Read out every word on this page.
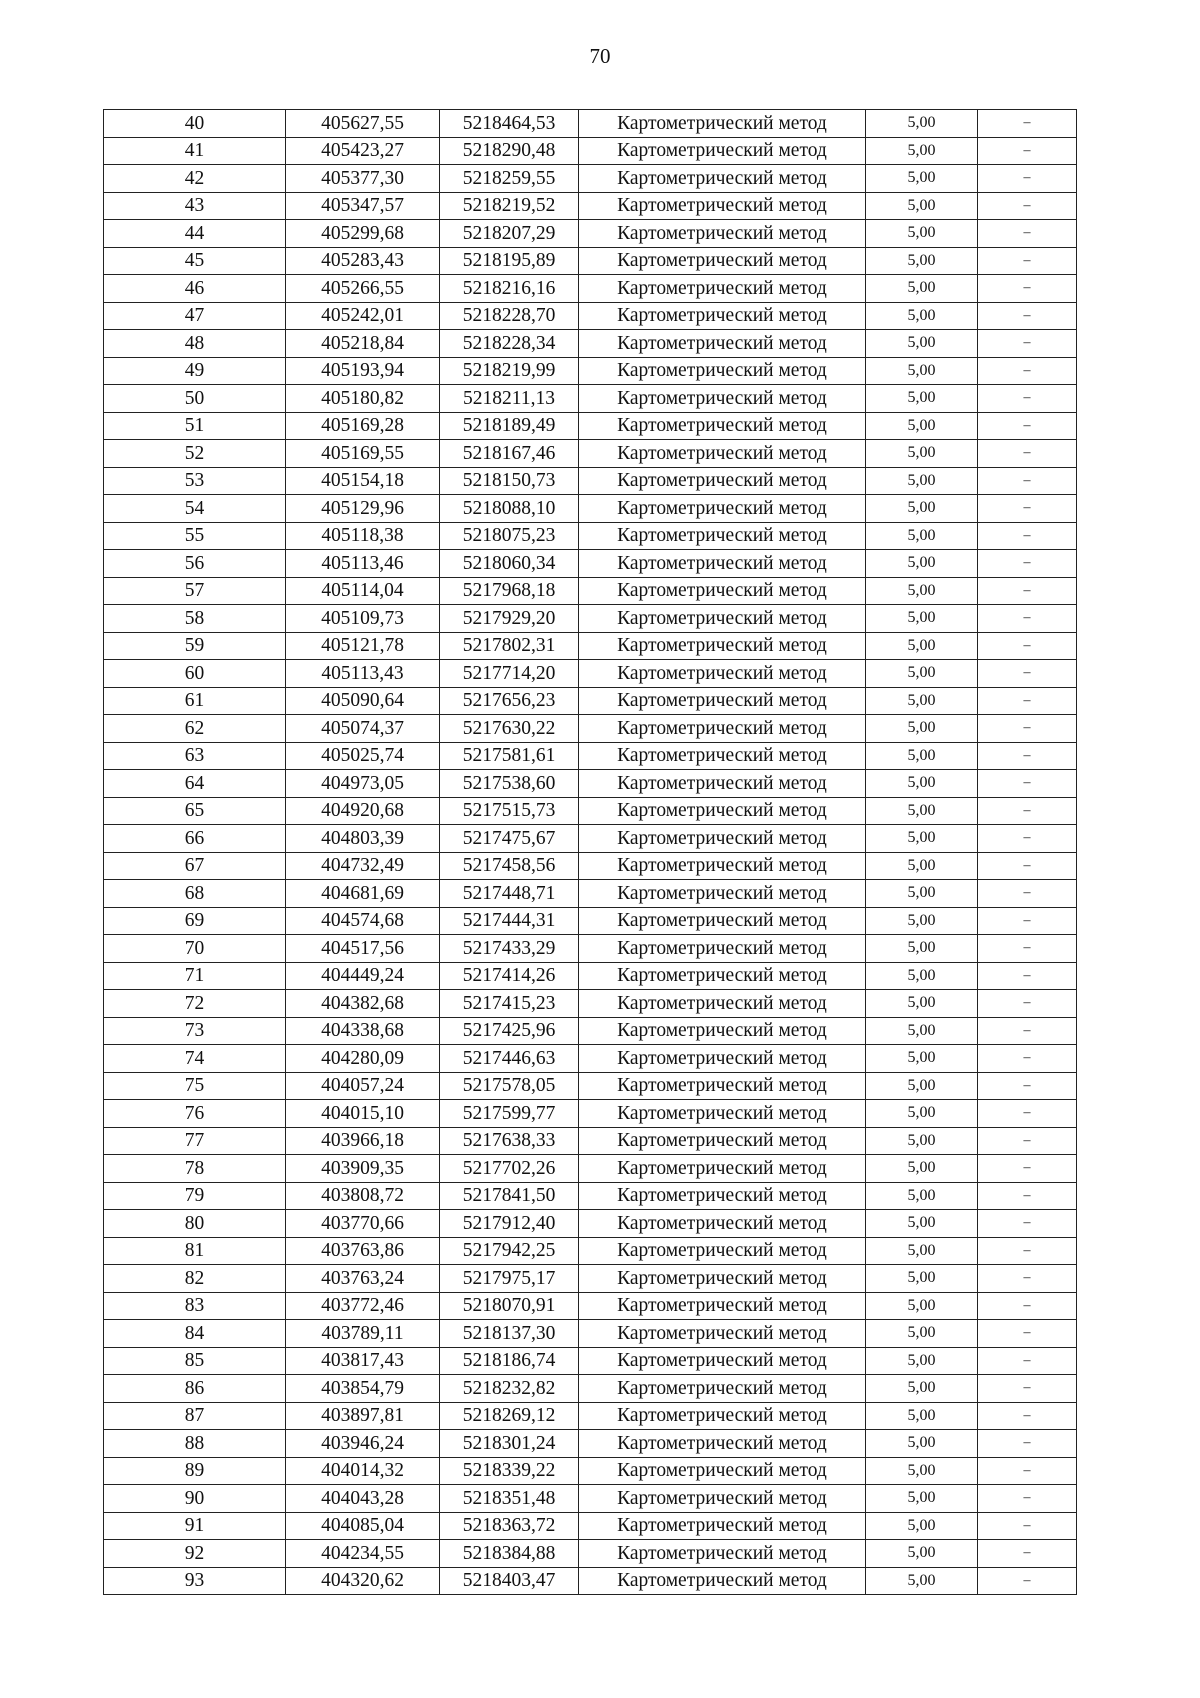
70
40	405627,55	5218464,53	Картометрический метод	5,00	–
41	405423,27	5218290,48	Картометрический метод	5,00	–
42	405377,30	5218259,55	Картометрический метод	5,00	–
43	405347,57	5218219,52	Картометрический метод	5,00	–
44	405299,68	5218207,29	Картометрический метод	5,00	–
45	405283,43	5218195,89	Картометрический метод	5,00	–
46	405266,55	5218216,16	Картометрический метод	5,00	–
47	405242,01	5218228,70	Картометрический метод	5,00	–
48	405218,84	5218228,34	Картометрический метод	5,00	–
49	405193,94	5218219,99	Картометрический метод	5,00	–
50	405180,82	5218211,13	Картометрический метод	5,00	–
51	405169,28	5218189,49	Картометрический метод	5,00	–
52	405169,55	5218167,46	Картометрический метод	5,00	–
53	405154,18	5218150,73	Картометрический метод	5,00	–
54	405129,96	5218088,10	Картометрический метод	5,00	–
55	405118,38	5218075,23	Картометрический метод	5,00	–
56	405113,46	5218060,34	Картометрический метод	5,00	–
57	405114,04	5217968,18	Картометрический метод	5,00	–
58	405109,73	5217929,20	Картометрический метод	5,00	–
59	405121,78	5217802,31	Картометрический метод	5,00	–
60	405113,43	5217714,20	Картометрический метод	5,00	–
61	405090,64	5217656,23	Картометрический метод	5,00	–
62	405074,37	5217630,22	Картометрический метод	5,00	–
63	405025,74	5217581,61	Картометрический метод	5,00	–
64	404973,05	5217538,60	Картометрический метод	5,00	–
65	404920,68	5217515,73	Картометрический метод	5,00	–
66	404803,39	5217475,67	Картометрический метод	5,00	–
67	404732,49	5217458,56	Картометрический метод	5,00	–
68	404681,69	5217448,71	Картометрический метод	5,00	–
69	404574,68	5217444,31	Картометрический метод	5,00	–
70	404517,56	5217433,29	Картометрический метод	5,00	–
71	404449,24	5217414,26	Картометрический метод	5,00	–
72	404382,68	5217415,23	Картометрический метод	5,00	–
73	404338,68	5217425,96	Картометрический метод	5,00	–
74	404280,09	5217446,63	Картометрический метод	5,00	–
75	404057,24	5217578,05	Картометрический метод	5,00	–
76	404015,10	5217599,77	Картометрический метод	5,00	–
77	403966,18	5217638,33	Картометрический метод	5,00	–
78	403909,35	5217702,26	Картометрический метод	5,00	–
79	403808,72	5217841,50	Картометрический метод	5,00	–
80	403770,66	5217912,40	Картометрический метод	5,00	–
81	403763,86	5217942,25	Картометрический метод	5,00	–
82	403763,24	5217975,17	Картометрический метод	5,00	–
83	403772,46	5218070,91	Картометрический метод	5,00	–
84	403789,11	5218137,30	Картометрический метод	5,00	–
85	403817,43	5218186,74	Картометрический метод	5,00	–
86	403854,79	5218232,82	Картометрический метод	5,00	–
87	403897,81	5218269,12	Картометрический метод	5,00	–
88	403946,24	5218301,24	Картометрический метод	5,00	–
89	404014,32	5218339,22	Картометрический метод	5,00	–
90	404043,28	5218351,48	Картометрический метод	5,00	–
91	404085,04	5218363,72	Картометрический метод	5,00	–
92	404234,55	5218384,88	Картометрический метод	5,00	–
93	404320,62	5218403,47	Картометрический метод	5,00	–
